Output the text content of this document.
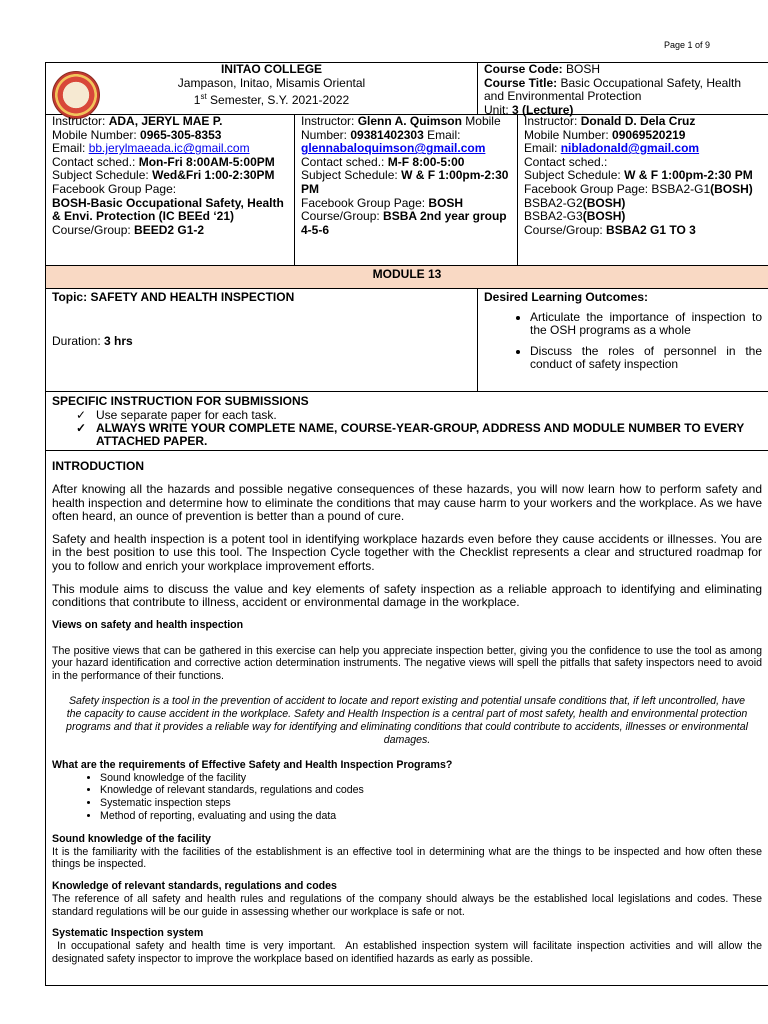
Page 1 of 9
INITAO COLLEGE
Jampason, Initao, Misamis Oriental
1st Semester, S.Y. 2021-2022
Course Code: BOSH
Course Title: Basic Occupational Safety, Health and Environmental Protection
Unit: 3 (Lecture)
Instructor: ADA, JERYL MAE P.
Mobile Number: 0965-305-8353
Email: bb.jerylmaeada.ic@gmail.com
Contact sched.: Mon-Fri 8:00AM-5:00PM
Subject Schedule: Wed&Fri 1:00-2:30PM
Facebook Group Page:
BOSH-Basic Occupational Safety, Health & Envi. Protection (IC BEEd ‘21)
Course/Group: BEED2 G1-2
Instructor: Glenn A. Quimson Mobile Number: 09381402303 Email:
glennabaloquimson@gmail.com
Contact sched.: M-F 8:00-5:00
Subject Schedule: W & F 1:00pm-2:30 PM
Facebook Group Page: BOSH
Course/Group: BSBA 2nd year group 4-5-6
Instructor: Donald D. Dela Cruz
Mobile Number: 09069520219
Email: nibladonald@gmail.com
Contact sched.:
Subject Schedule: W & F 1:00pm-2:30 PM
Facebook Group Page: BSBA2-G1(BOSH)
BSBA2-G2(BOSH)
BSBA2-G3(BOSH)
Course/Group: BSBA2 G1 TO 3
MODULE 13
Topic: SAFETY AND HEALTH INSPECTION
Duration: 3 hrs
Desired Learning Outcomes:
• Articulate the importance of inspection to the OSH programs as a whole
• Discuss the roles of personnel in the conduct of safety inspection
SPECIFIC INSTRUCTION FOR SUBMISSIONS
✓ Use separate paper for each task.
✓ ALWAYS WRITE YOUR COMPLETE NAME, COURSE-YEAR-GROUP, ADDRESS AND MODULE NUMBER TO EVERY ATTACHED PAPER.
INTRODUCTION

After knowing all the hazards and possible negative consequences of these hazards, you will now learn how to perform safety and health inspection and determine how to eliminate the conditions that may cause harm to your workers and the workplace. As we have often heard, an ounce of prevention is better than a pound of cure.

Safety and health inspection is a potent tool in identifying workplace hazards even before they cause accidents or illnesses. You are in the best position to use this tool. The Inspection Cycle together with the Checklist represents a clear and structured roadmap for you to follow and enrich your workplace improvement efforts.

This module aims to discuss the value and key elements of safety inspection as a reliable approach to identifying and eliminating conditions that contribute to illness, accident or environmental damage in the workplace.

Views on safety and health inspection

The positive views that can be gathered in this exercise can help you appreciate inspection better, giving you the confidence to use the tool as among your hazard identification and corrective action determination instruments. The negative views will spell the pitfalls that safety inspectors need to avoid in the performance of their functions.

Safety inspection is a tool in the prevention of accident to locate and report existing and potential unsafe conditions that, if left uncontrolled, have the capacity to cause accident in the workplace. Safety and Health Inspection is a central part of most safety, health and environmental protection programs and that it provides a reliable way for identifying and eliminating conditions that could contribute to accidents, illnesses or environmental damages.

What are the requirements of Effective Safety and Health Inspection Programs?
• Sound knowledge of the facility
• Knowledge of relevant standards, regulations and codes
• Systematic inspection steps
• Method of reporting, evaluating and using the data
Sound knowledge of the facility

It is the familiarity with the facilities of the establishment is an effective tool in determining what are the things to be inspected and how often these things be inspected.

Knowledge of relevant standards, regulations and codes

The reference of all safety and health rules and regulations of the company should always be the established local legislations and codes. These standard regulations will be our guide in assessing whether our workplace is safe or not.

Systematic Inspection system

In occupational safety and health time is very important.  An established inspection system will facilitate inspection activities and will allow the designated safety inspector to improve the workplace based on identified hazards as early as possible.
